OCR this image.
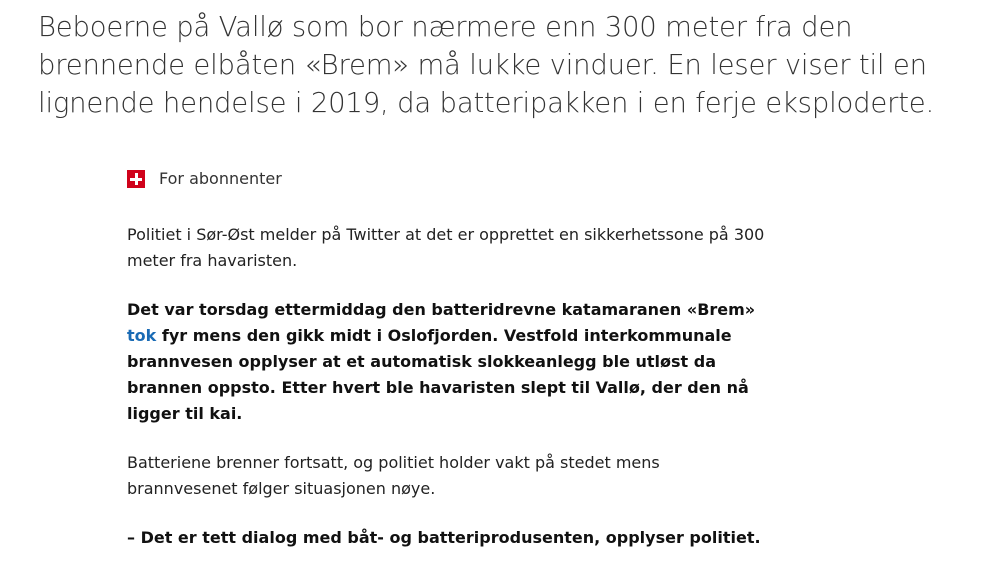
Beboerne på Vallø som bor nærmere enn 300 meter fra den brennende elbåten «Brem» må lukke vinduer. En leser viser til en lignende hendelse i 2019, da batteripakken i en ferje eksploderte.
For abonnenter

Politiet i Sør-Øst melder på Twitter at det er opprettet en sikkerhetssone på 300 meter fra havaristen.

Det var torsdag ettermiddag den batteridrevne katamaranen «Brem» tok fyr mens den gikk midt i Oslofjorden. Vestfold interkommunale brannvesen opplyser at et automatisk slokkeanlegg ble utløst da brannen oppsto. Etter hvert ble havaristen slept til Vallø, der den nå ligger til kai.

Batteriene brenner fortsatt, og politiet holder vakt på stedet mens brannvesenet følger situasjonen nøye.

– Det er tett dialog med båt- og batteriprodusenten, opplyser politiet.
